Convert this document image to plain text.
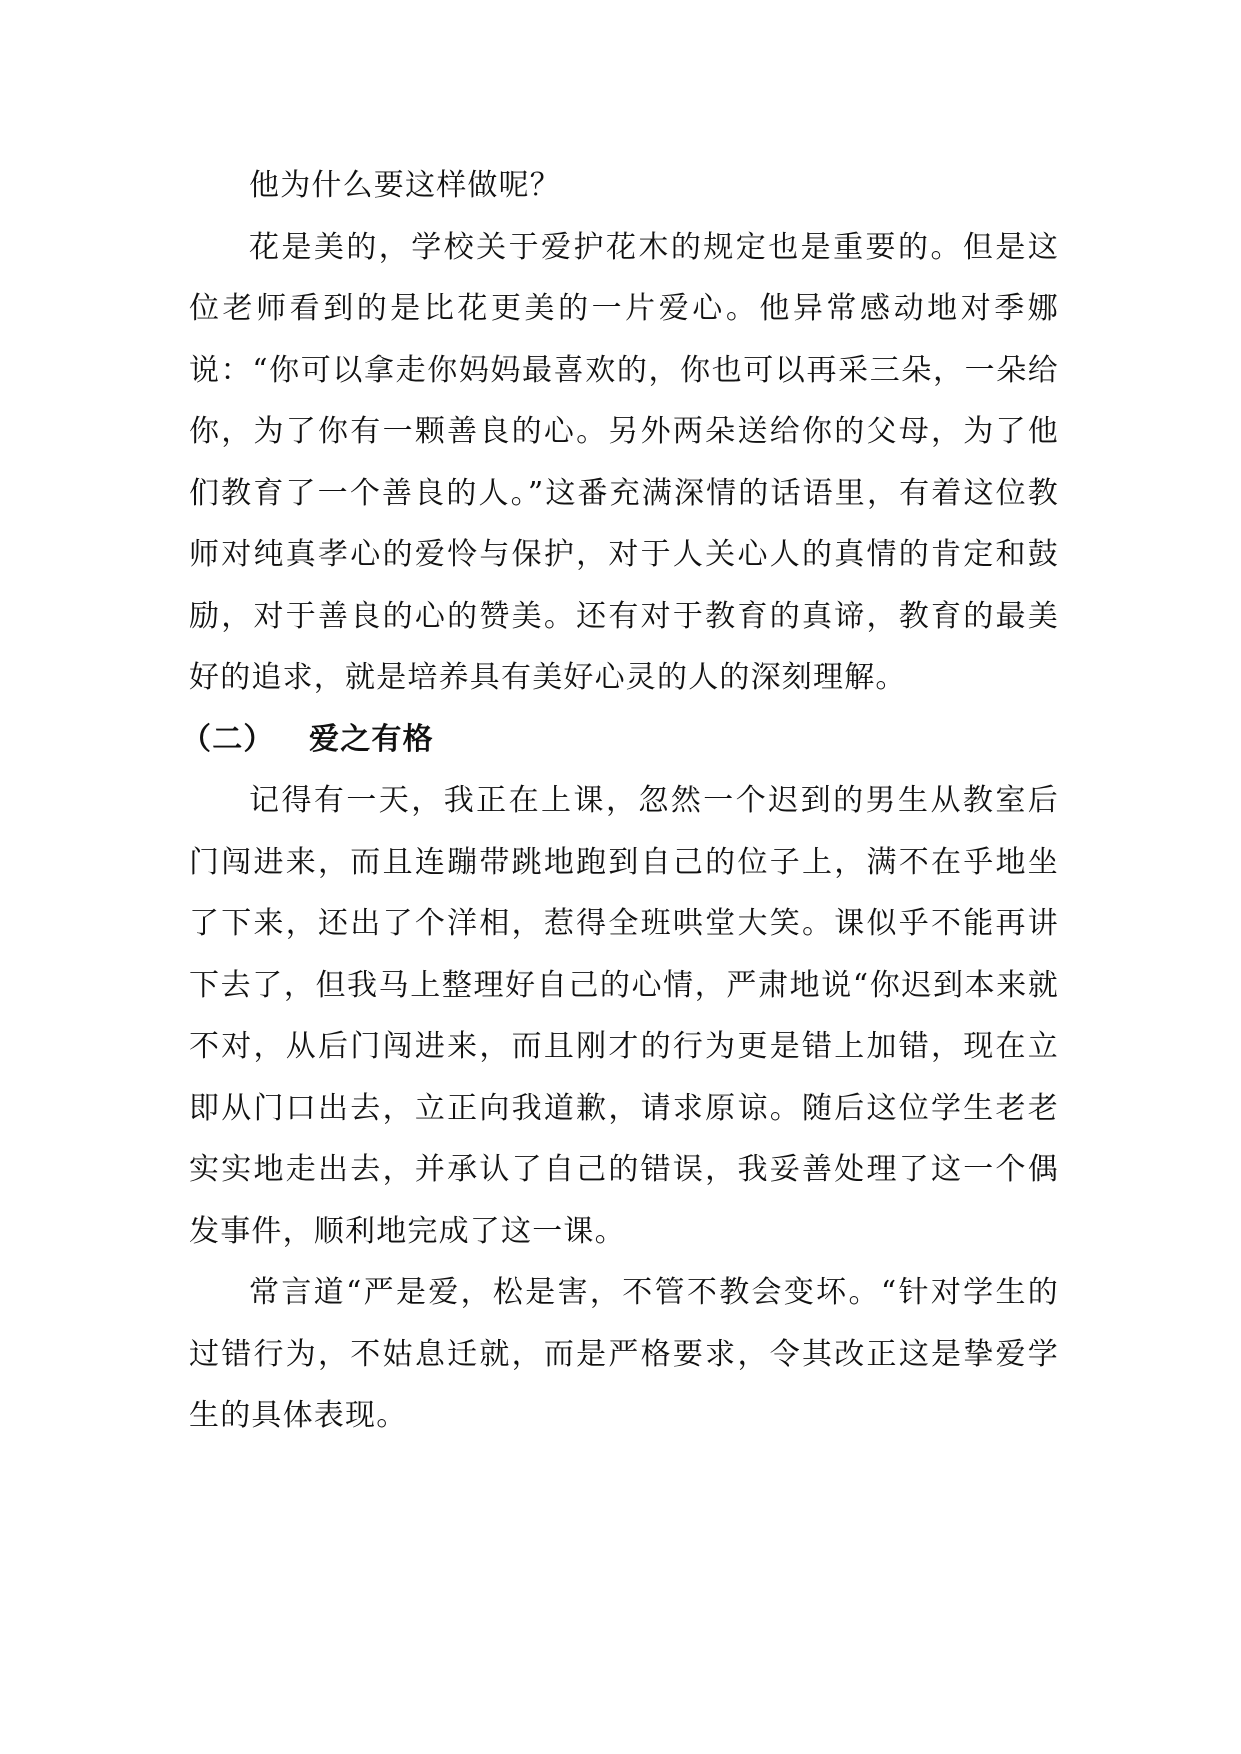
他为什么要这样做呢？

花是美的，学校关于爱护花木的规定也是重要的。但是这位老师看到的是比花更美的一片爱心。他异常感动地对季娜说：“你可以拿走你妈妈最喜欢的，你也可以再采三朵，一朵给你，为了你有一颗善良的心。另外两朵送给你的父母，为了他们教育了一个善良的人。”这番充满深情的话语里，有着这位教师对纯真孝心的爱怜与保护，对于人关心人的真情的肯定和鼓励，对于善良的心的赞美。还有对于教育的真谛，教育的最美好的追求，就是培养具有美好心灵的人的深刻理解。

（二） 爱之有格

记得有一天，我正在上课，忽然一个迟到的男生从教室后门闯进来，而且连蹦带跳地跑到自己的位子上，满不在乎地坐了下来，还出了个洋相，惹得全班哄堂大笑。课似乎不能再讲下去了，但我马上整理好自己的心情，严肃地说“你迟到本来就不对，从后门闯进来，而且刚才的行为更是错上加错，现在立即从门口出去，立正向我道歉，请求原谅。随后这位学生老老实实地走出去，并承认了自己的错误，我妥善处理了这一个偶发事件，顺利地完成了这一课。

常言道“严是爱，松是害，不管不教会变坏。“针对学生的过错行为，不姑息迁就，而是严格要求，令其改正这是挚爱学生的具体表现。
